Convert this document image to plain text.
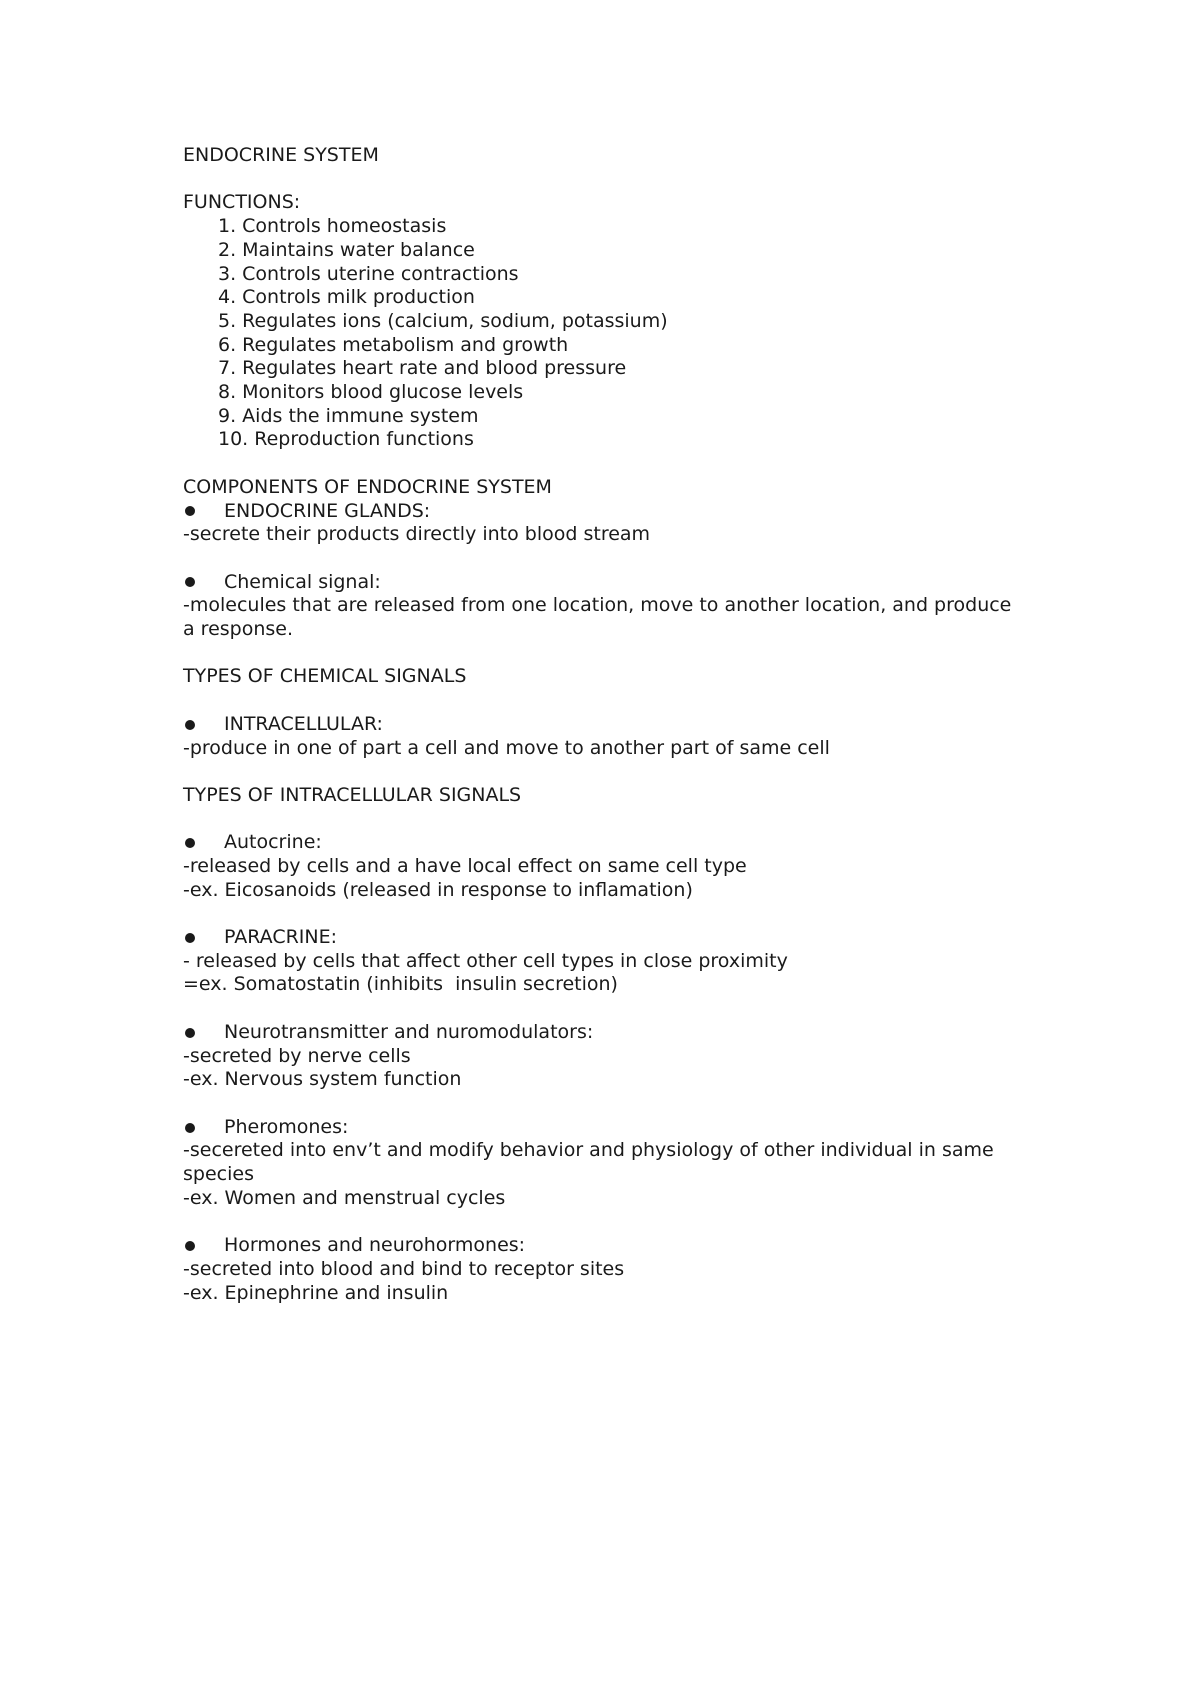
ENDOCRINE SYSTEM
FUNCTIONS:
1. Controls homeostasis
2. Maintains water balance
3. Controls uterine contractions
4. Controls milk production
5. Regulates ions (calcium, sodium, potassium)
6. Regulates metabolism and growth
7. Regulates heart rate and blood pressure
8. Monitors blood glucose levels
9. Aids the immune system
10. Reproduction functions
COMPONENTS OF ENDOCRINE SYSTEM
ENDOCRINE GLANDS:
-secrete their products directly into blood stream
Chemical signal:
-molecules that are released from one location, move to another location, and produce a response.
TYPES OF CHEMICAL SIGNALS
INTRACELLULAR:
-produce in one of part a cell and move to another part of same cell
TYPES OF INTRACELLULAR SIGNALS
Autocrine:
-released by cells and a have local effect on same cell type
-ex. Eicosanoids (released in response to inflamation)
PARACRINE:
- released by cells that affect other cell types in close proximity
=ex. Somatostatin (inhibits  insulin secretion)
Neurotransmitter and nuromodulators:
-secreted by nerve cells
-ex. Nervous system function
Pheromones:
-secereted into env’t and modify behavior and physiology of other individual in same species
-ex. Women and menstrual cycles
Hormones and neurohormones:
-secreted into blood and bind to receptor sites
-ex. Epinephrine and insulin
